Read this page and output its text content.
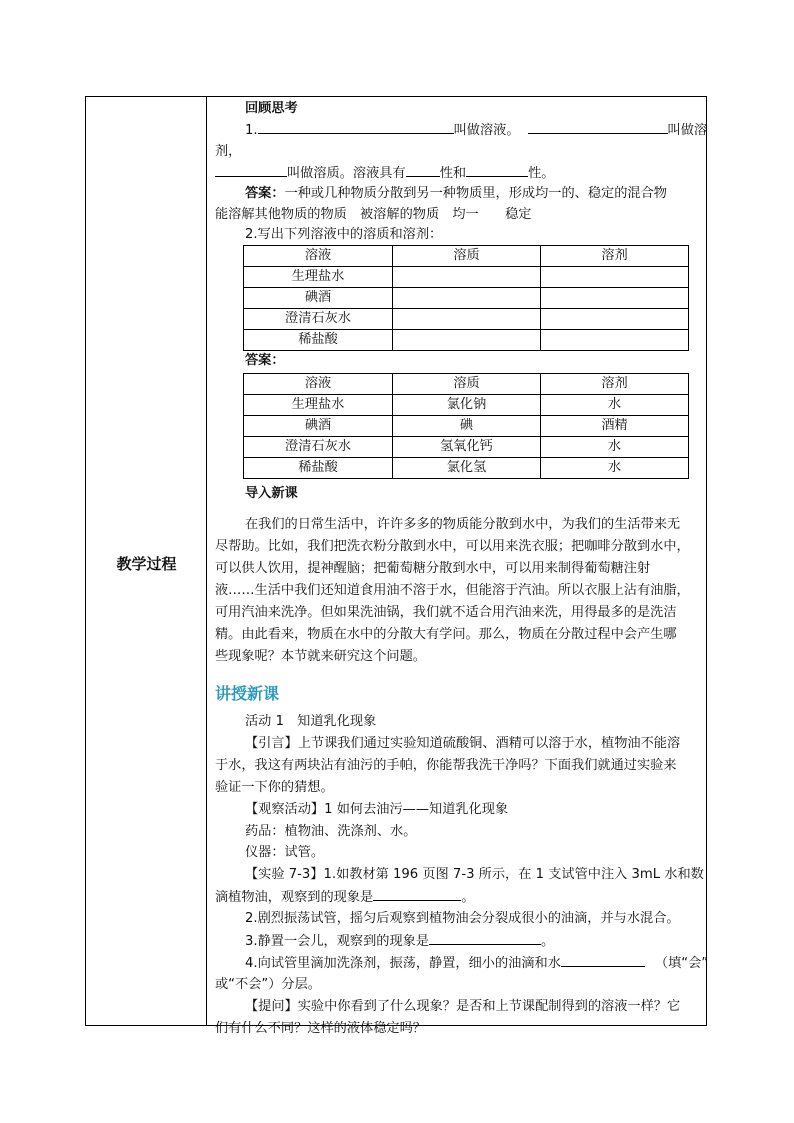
教学过程
回顾思考
1.	叫做溶液。	叫做溶
剂，
叫做溶质。溶液具有	性和	性。
答案：一种或几种物质分散到另一种物质里，形成均一的、稳定的混合物
能溶解其他物质的物质　被溶解的物质　均一　　稳定
2.写出下列溶液中的溶质和溶剂：
溶液	溶质	溶剂
生理盐水		
碘酒		
澄清石灰水		
稀盐酸		
答案：
溶液	溶质	溶剂
生理盐水	氯化钠	水
碘酒	碘	酒精
澄清石灰水	氢氧化钙	水
稀盐酸	氯化氢	水
导入新课
在我们的日常生活中，许许多多的物质能分散到水中，为我们的生活带来无
尽帮助。比如，我们把洗衣粉分散到水中，可以用来洗衣服；把咖啡分散到水中，
可以供人饮用，提神醒脑；把葡萄糖分散到水中，可以用来制得葡萄糖注射
液……生活中我们还知道食用油不溶于水，但能溶于汽油。所以衣服上沾有油脂，
可用汽油来洗净。但如果洗油锅，我们就不适合用汽油来洗，用得最多的是洗洁
精。由此看来，物质在水中的分散大有学问。那么，物质在分散过程中会产生哪
些现象呢？本节就来研究这个问题。
讲授新课
活动 1　知道乳化现象
【引言】上节课我们通过实验知道硫酸铜、酒精可以溶于水，植物油不能溶
于水，我这有两块沾有油污的手帕，你能帮我洗干净吗？下面我们就通过实验来
验证一下你的猜想。
【观察活动】1 如何去油污——知道乳化现象
药品：植物油、洗涤剂、水。
仪器：试管。
【实验 7-3】1.如教材第 196 页图 7-3 所示，在 1 支试管中注入 3mL 水和数
滴植物油，观察到的现象是	。
2.剧烈振荡试管，摇匀后观察到植物油会分裂成很小的油滴，并与水混合。
3.静置一会儿，观察到的现象是	。
4.向试管里滴加洗涤剂，振荡，静置，细小的油滴和水	（填“会”
或“不会”）分层。
【提问】实验中你看到了什么现象？是否和上节课配制得到的溶液一样？它
们有什么不同？这样的液体稳定吗？
